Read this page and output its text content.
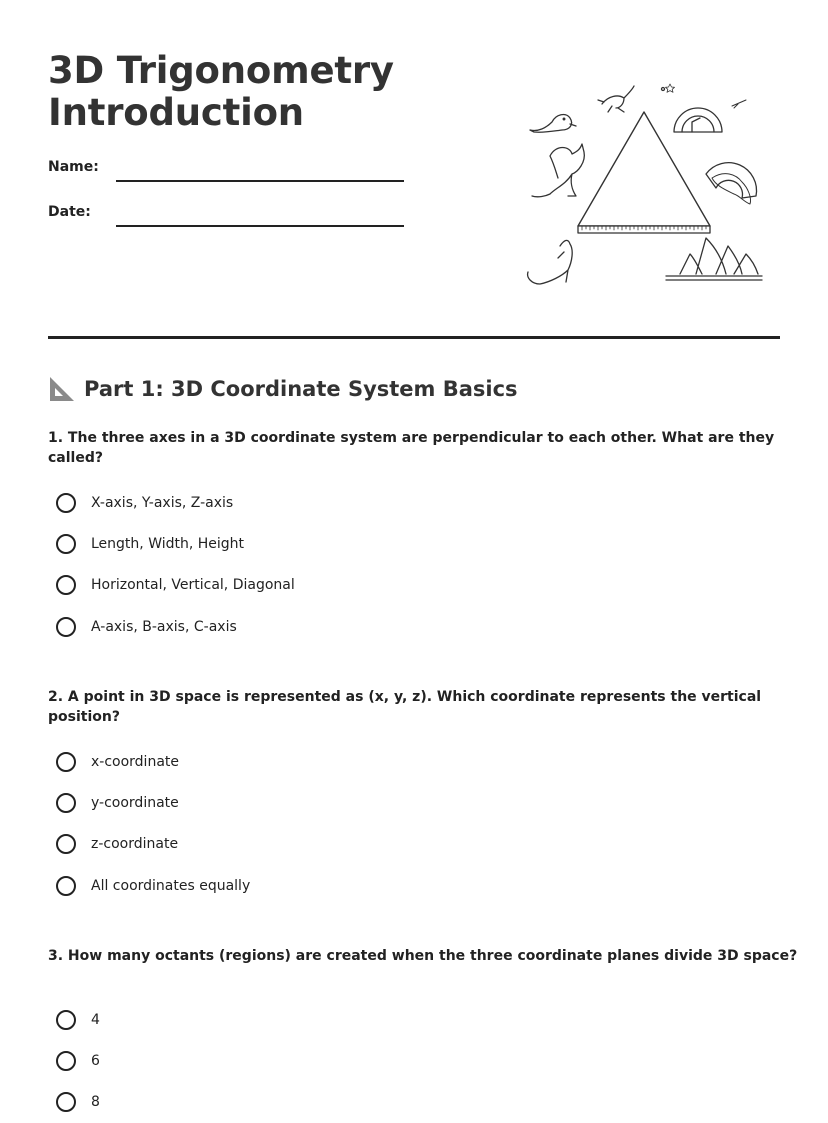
3D Trigonometry
Introduction
Name:
Date:
Part 1: 3D Coordinate System Basics

1. The three axes in a 3D coordinate system are perpendicular to each other. What are they called?

X-axis, Y-axis, Z-axis
Length, Width, Height
Horizontal, Vertical, Diagonal
A-axis, B-axis, C-axis

2. A point in 3D space is represented as (x, y, z). Which coordinate represents the vertical position?

x-coordinate
y-coordinate
z-coordinate
All coordinates equally

3. How many octants (regions) are created when the three coordinate planes divide 3D space?

4
6
8
